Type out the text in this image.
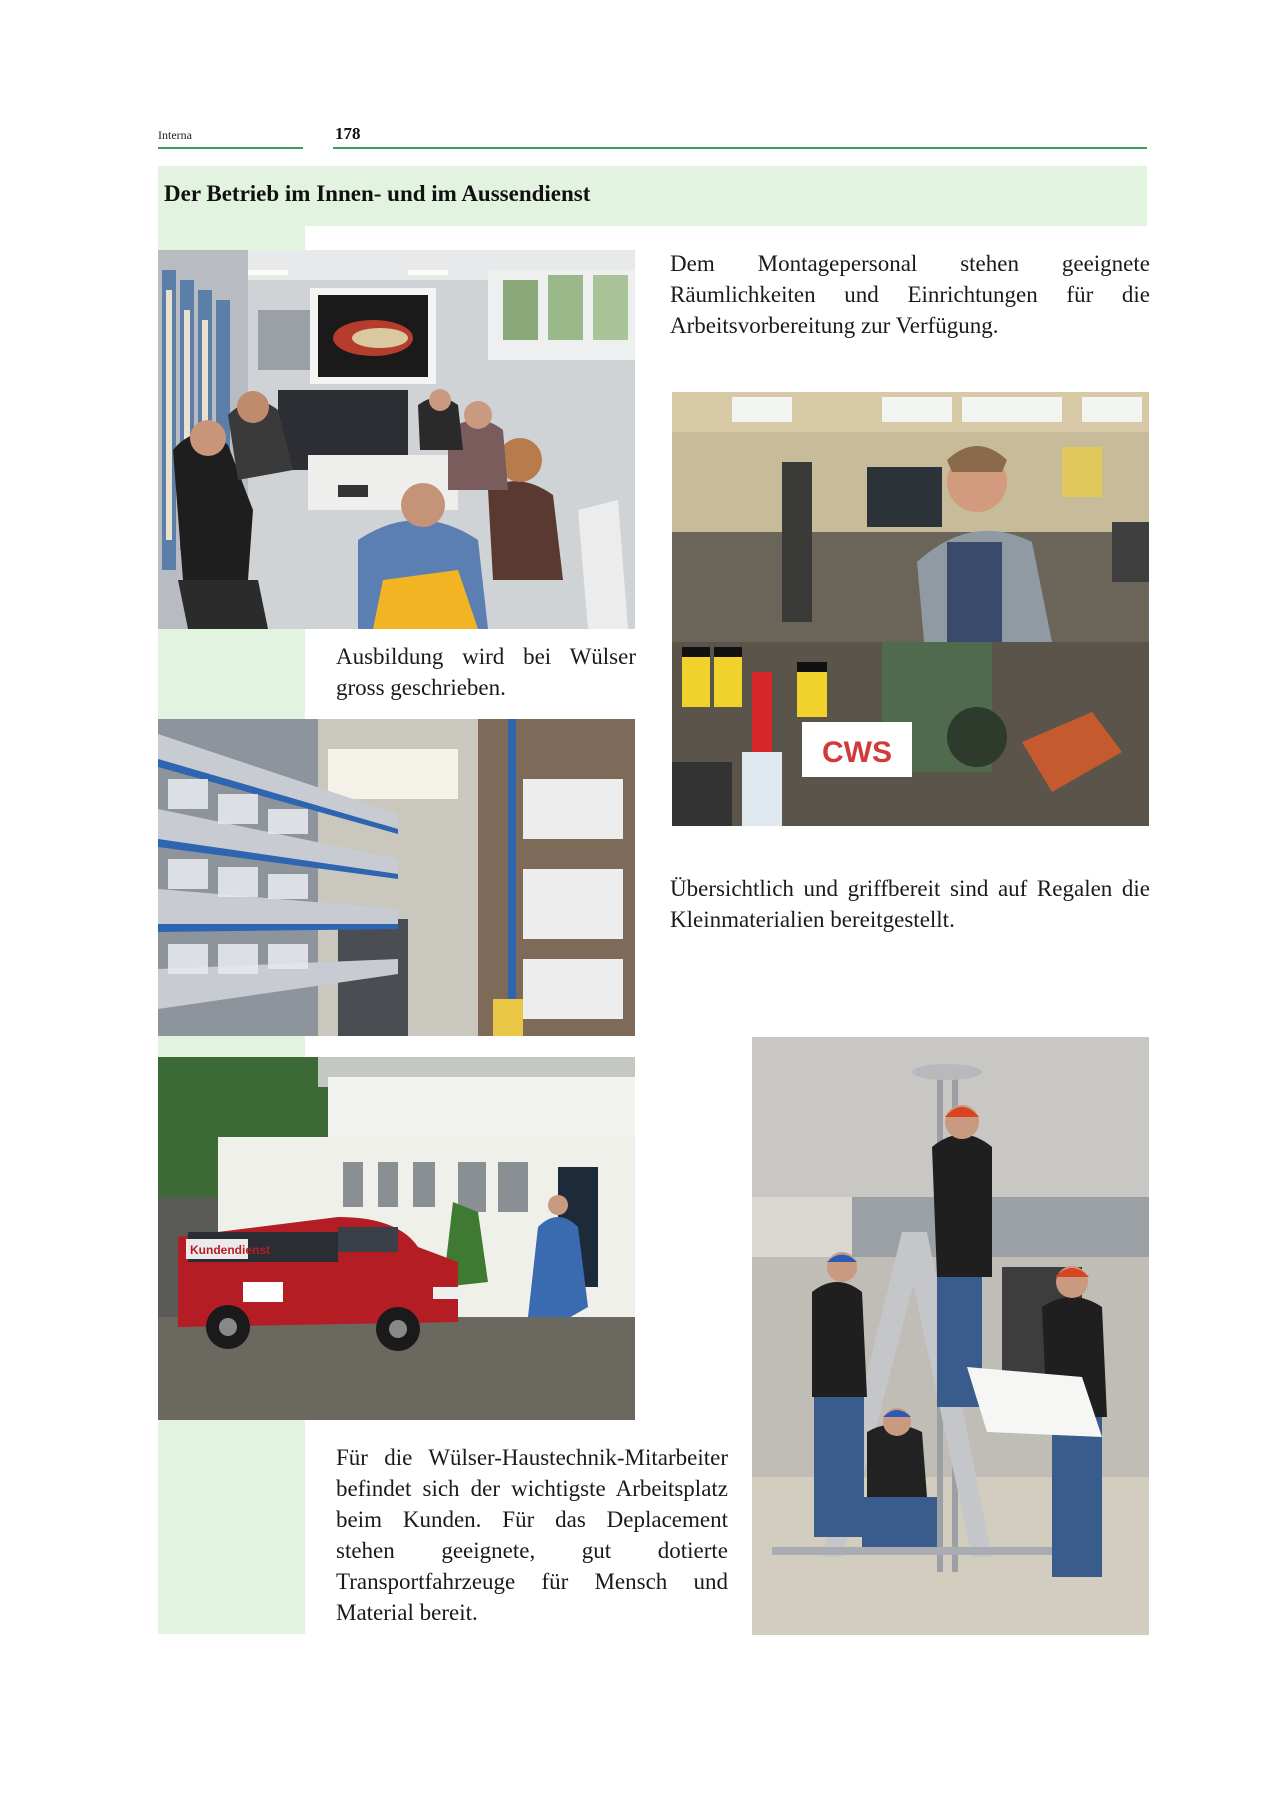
Interna	178
Der Betrieb im Innen- und im Aussendienst
Ausbildung wird bei Wülser gross geschrieben.
CWS
Dem Montagepersonal stehen geeignete Räumlichkeiten und Einrichtungen für die Arbeitsvorbereitung zur Verfügung.
Übersichtlich und griffbereit sind auf Regalen die Kleinmaterialien bereitgestellt.
Kundendienst
Für die Wülser-Haustechnik-Mitarbeiter befindet sich der wichtigste Arbeitsplatz beim Kunden. Für das Deplacement stehen geeignete, gut dotierte Transportfahrzeuge für Mensch und Material bereit.
